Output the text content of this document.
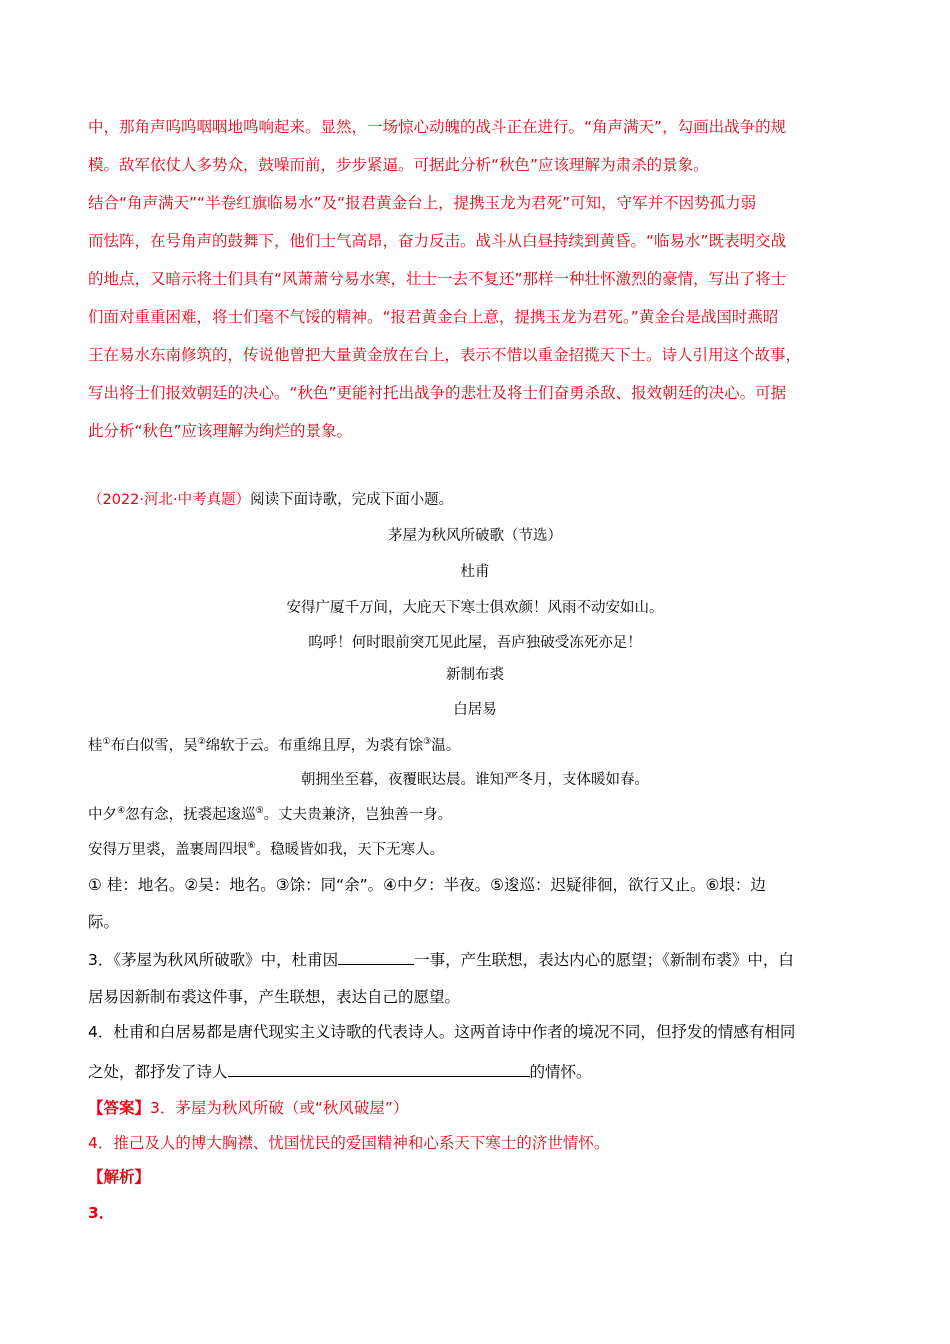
中，那角声呜呜咽咽地鸣响起来。显然，一场惊心动魄的战斗正在进行。“角声满天”，勾画出战争的规
模。敌军依仗人多势众，鼓噪而前，步步紧逼。可据此分析“秋色”应该理解为肃杀的景象。
结合“角声满天”“半卷红旗临易水”及“报君黄金台上，提携玉龙为君死”可知，守军并不因势孤力弱
而怯阵，在号角声的鼓舞下，他们士气高昂，奋力反击。战斗从白昼持续到黄昏。“临易水”既表明交战
的地点，又暗示将士们具有“风萧萧兮易水寒，壮士一去不复还”那样一种壮怀激烈的豪情，写出了将士
们面对重重困难，将士们毫不气馁的精神。“报君黄金台上意，提携玉龙为君死。”黄金台是战国时燕昭
王在易水东南修筑的，传说他曾把大量黄金放在台上，表示不惜以重金招揽天下士。诗人引用这个故事，
写出将士们报效朝廷的决心。“秋色”更能衬托出战争的悲壮及将士们奋勇杀敌、报效朝廷的决心。可据
此分析“秋色”应该理解为绚烂的景象。
（2022·河北·中考真题）阅读下面诗歌，完成下面小题。
茅屋为秋风所破歌（节选）
杜甫
安得广厦千万间，大庇天下寒士俱欢颜！风雨不动安如山。
呜呼！何时眼前突兀见此屋，吾庐独破受冻死亦足！
新制布裘
白居易
桂①布白似雪，吴②绵软于云。布重绵且厚，为裘有馀③温。
朝拥坐至暮，夜覆眠达晨。谁知严冬月，支体暖如春。
中夕④忽有念，抚裘起逡巡⑤。丈夫贵兼济，岂独善一身。
安得万里裘，盖裹周四垠⑥。稳暖皆如我，天下无寒人。
① 桂：地名。②吴：地名。③馀：同“余”。④中夕：半夜。⑤逡巡：迟疑徘徊，欲行又止。⑥垠：边
际。
3．《茅屋为秋风所破歌》中，杜甫因	一事，产生联想，表达内心的愿望；《新制布裘》中，白
居易因新制布裘这件事，产生联想，表达自己的愿望。
4．杜甫和白居易都是唐代现实主义诗歌的代表诗人。这两首诗中作者的境况不同，但抒发的情感有相同
之处，都抒发了诗人	的情怀。
【答案】3．茅屋为秋风所破（或“秋风破屋”）
4．推己及人的博大胸襟、忧国忧民的爱国精神和心系天下寒士的济世情怀。
【解析】
3．
